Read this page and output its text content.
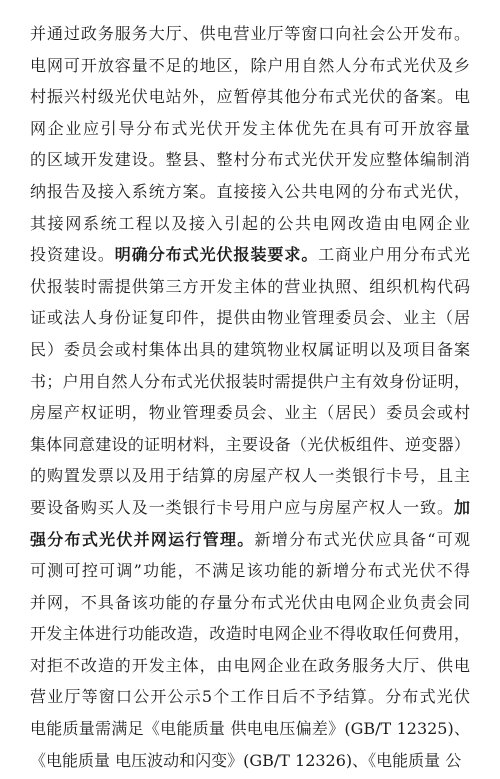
并通过政务服务大厅、供电营业厅等窗口向社会公开发布。
电网可开放容量不足的地区，除户用自然人分布式光伏及乡
村振兴村级光伏电站外，应暂停其他分布式光伏的备案。电
网企业应引导分布式光伏开发主体优先在具有可开放容量
的区域开发建设。整县、整村分布式光伏开发应整体编制消
纳报告及接入系统方案。直接接入公共电网的分布式光伏，
其接网系统工程以及接入引起的公共电网改造由电网企业
投资建设。明确分布式光伏报装要求。工商业户用分布式光
伏报装时需提供第三方开发主体的营业执照、组织机构代码
证或法人身份证复印件，提供由物业管理委员会、业主（居
民）委员会或村集体出具的建筑物业权属证明以及项目备案
书；户用自然人分布式光伏报装时需提供户主有效身份证明，
房屋产权证明，物业管理委员会、业主（居民）委员会或村
集体同意建设的证明材料，主要设备（光伏板组件、逆变器）
的购置发票以及用于结算的房屋产权人一类银行卡号，且主
要设备购买人及一类银行卡号用户应与房屋产权人一致。加
强分布式光伏并网运行管理。新增分布式光伏应具备“可观
可测可控可调”功能，不满足该功能的新增分布式光伏不得
并网，不具备该功能的存量分布式光伏由电网企业负责会同
开发主体进行功能改造，改造时电网企业不得收取任何费用，
对拒不改造的开发主体，由电网企业在政务服务大厅、供电
营业厅等窗口公开公示5个工作日后不予结算。分布式光伏
电能质量需满足《电能质量 供电电压偏差》(GB/T 12325)、
《电能质量 电压波动和闪变》(GB/T 12326)、《电能质量 公
